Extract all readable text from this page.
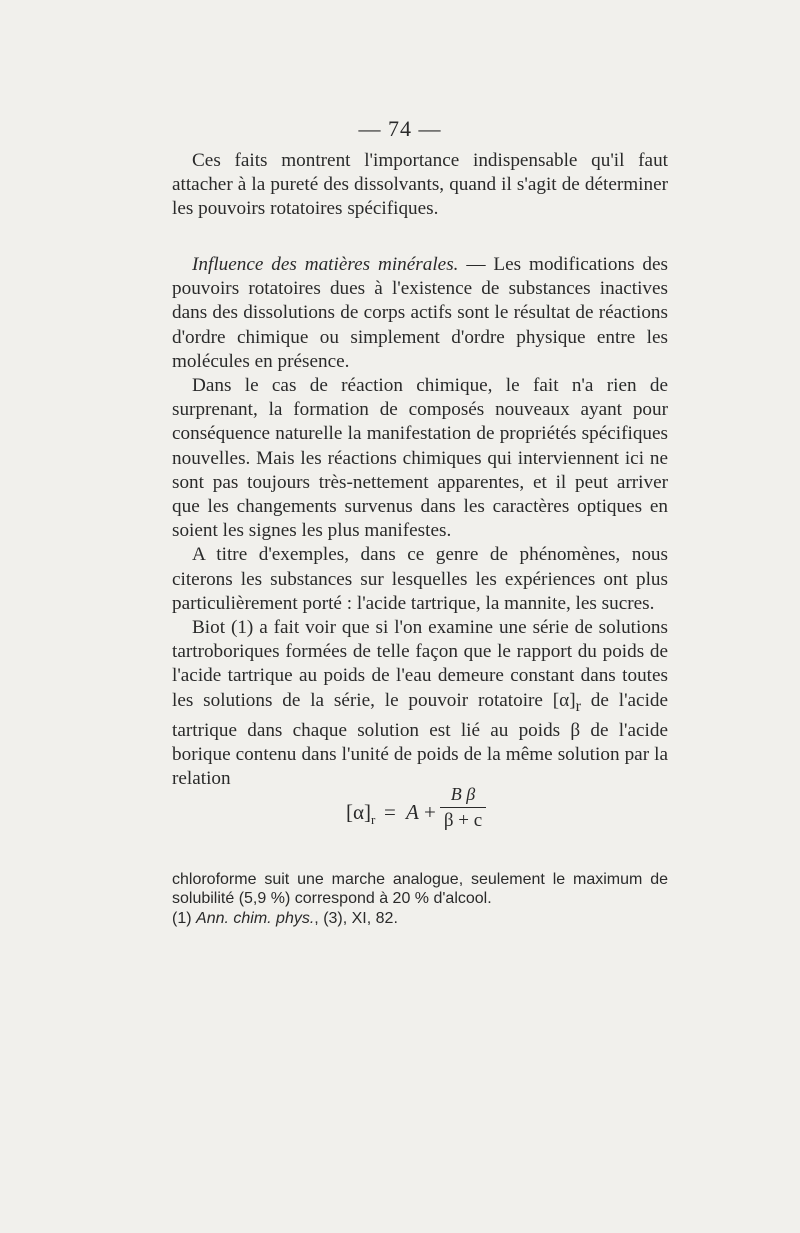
— 74 —

Ces faits montrent l'importance indispensable qu'il faut attacher à la pureté des dissolvants, quand il s'agit de déterminer les pouvoirs rotatoires spécifiques.

Influence des matières minérales. — Les modifications des pouvoirs rotatoires dues à l'existence de substances inactives dans des dissolutions de corps actifs sont le résultat de réactions d'ordre chimique ou simplement d'ordre physique entre les molécules en présence.

Dans le cas de réaction chimique, le fait n'a rien de surprenant, la formation de composés nouveaux ayant pour conséquence naturelle la manifestation de propriétés spécifiques nouvelles. Mais les réactions chimiques qui interviennent ici ne sont pas toujours très-nettement apparentes, et il peut arriver que les changements survenus dans les caractères optiques en soient les signes les plus manifestes.

A titre d'exemples, dans ce genre de phénomènes, nous citerons les substances sur lesquelles les expériences ont plus particulièrement porté : l'acide tartrique, la mannite, les sucres.

Biot (1) a fait voir que si l'on examine une série de solutions tartroboriques formées de telle façon que le rapport du poids de l'acide tartrique au poids de l'eau demeure constant dans toutes les solutions de la série, le pouvoir rotatoire $[\alpha]_r$ de l'acide tartrique dans chaque solution est lié au poids β de l'acide borique contenu dans l'unité de poids de la même solution par la relation

$[\alpha]_r = A$ +
B β
β + c

chloroforme suit une marche analogue, seulement le maximum de solubilité (5,9 %) correspond à 20 % d'alcool.

(1) Ann. chim. phys., (3), XI, 82.
